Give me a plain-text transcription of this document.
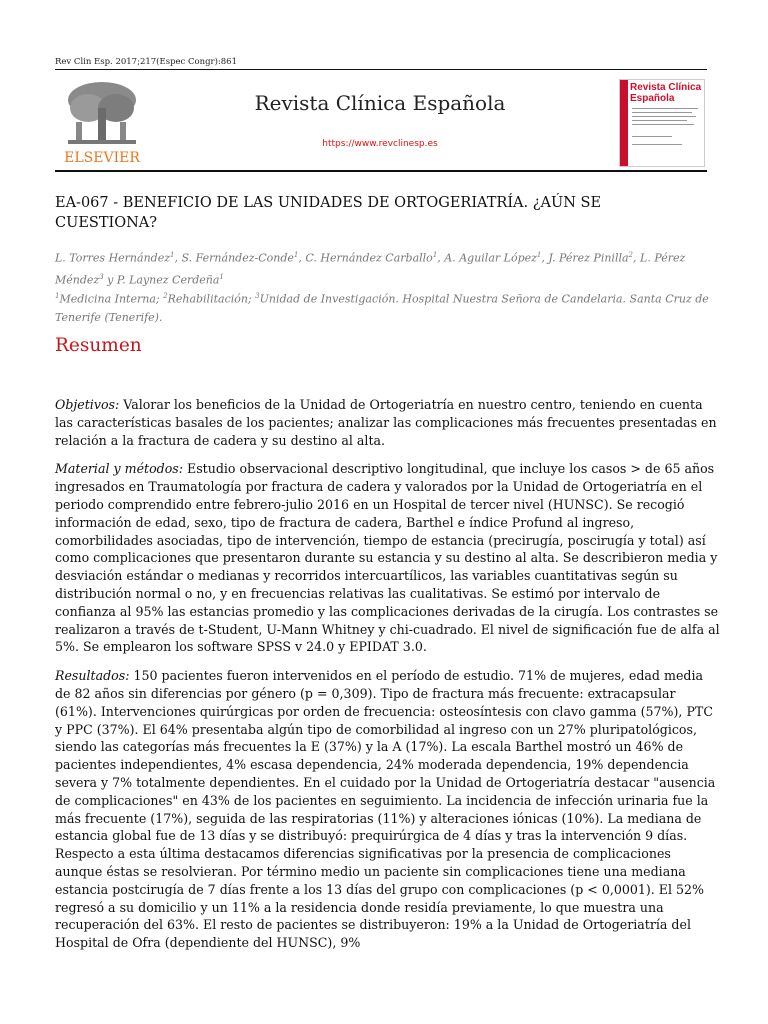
Rev Clin Esp. 2017;217(Espec Congr):861
ELSEVIER
Revista Clínica Española
https://www.revclinesp.es
Revista Clínica Española
EA-067 - BENEFICIO DE LAS UNIDADES DE ORTOGERIATRÍA. ¿AÚN SE CUESTIONA?
L. Torres Hernández$^1$, S. Fernández-Conde$^1$, C. Hernández Carballo$^1$, A. Aguilar López$^1$, J. Pérez Pinilla$^2$, L. Pérez Méndez$^3$ y P. Laynez Cerdeña$^1$
$^1$Medicina Interna; $^2$Rehabilitación; $^3$Unidad de Investigación. Hospital Nuestra Señora de Candelaria. Santa Cruz de Tenerife (Tenerife).
Resumen

Objetivos: Valorar los beneficios de la Unidad de Ortogeriatría en nuestro centro, teniendo en cuenta las características basales de los pacientes; analizar las complicaciones más frecuentes presentadas en relación a la fractura de cadera y su destino al alta.

Material y métodos: Estudio observacional descriptivo longitudinal, que incluye los casos > de 65 años ingresados en Traumatología por fractura de cadera y valorados por la Unidad de Ortogeriatría en el periodo comprendido entre febrero-julio 2016 en un Hospital de tercer nivel (HUNSC). Se recogió información de edad, sexo, tipo de fractura de cadera, Barthel e índice Profund al ingreso, comorbilidades asociadas, tipo de intervención, tiempo de estancia (precirugía, poscirugía y total) así como complicaciones que presentaron durante su estancia y su destino al alta. Se describieron media y desviación estándar o medianas y recorridos intercuartílicos, las variables cuantitativas según su distribución normal o no, y en frecuencias relativas las cualitativas. Se estimó por intervalo de confianza al 95% las estancias promedio y las complicaciones derivadas de la cirugía. Los contrastes se realizaron a través de t-Student, U-Mann Whitney y chi-cuadrado. El nivel de significación fue de alfa al 5%. Se emplearon los software SPSS v 24.0 y EPIDAT 3.0.

Resultados: 150 pacientes fueron intervenidos en el período de estudio. 71% de mujeres, edad media de 82 años sin diferencias por género (p = 0,309). Tipo de fractura más frecuente: extracapsular (61%). Intervenciones quirúrgicas por orden de frecuencia: osteosíntesis con clavo gamma (57%), PTC y PPC (37%). El 64% presentaba algún tipo de comorbilidad al ingreso con un 27% pluripatológicos, siendo las categorías más frecuentes la E (37%) y la A (17%). La escala Barthel mostró un 46% de pacientes independientes, 4% escasa dependencia, 24% moderada dependencia, 19% dependencia severa y 7% totalmente dependientes. En el cuidado por la Unidad de Ortogeriatría destacar "ausencia de complicaciones" en 43% de los pacientes en seguimiento. La incidencia de infección urinaria fue la más frecuente (17%), seguida de las respiratorias (11%) y alteraciones iónicas (10%). La mediana de estancia global fue de 13 días y se distribuyó: prequirúrgica de 4 días y tras la intervención 9 días. Respecto a esta última destacamos diferencias significativas por la presencia de complicaciones aunque éstas se resolvieran. Por término medio un paciente sin complicaciones tiene una mediana estancia postcirugía de 7 días frente a los 13 días del grupo con complicaciones (p < 0,0001). El 52% regresó a su domicilio y un 11% a la residencia donde residía previamente, lo que muestra una recuperación del 63%. El resto de pacientes se distribuyeron: 19% a la Unidad de Ortogeriatría del Hospital de Ofra (dependiente del HUNSC), 9%
